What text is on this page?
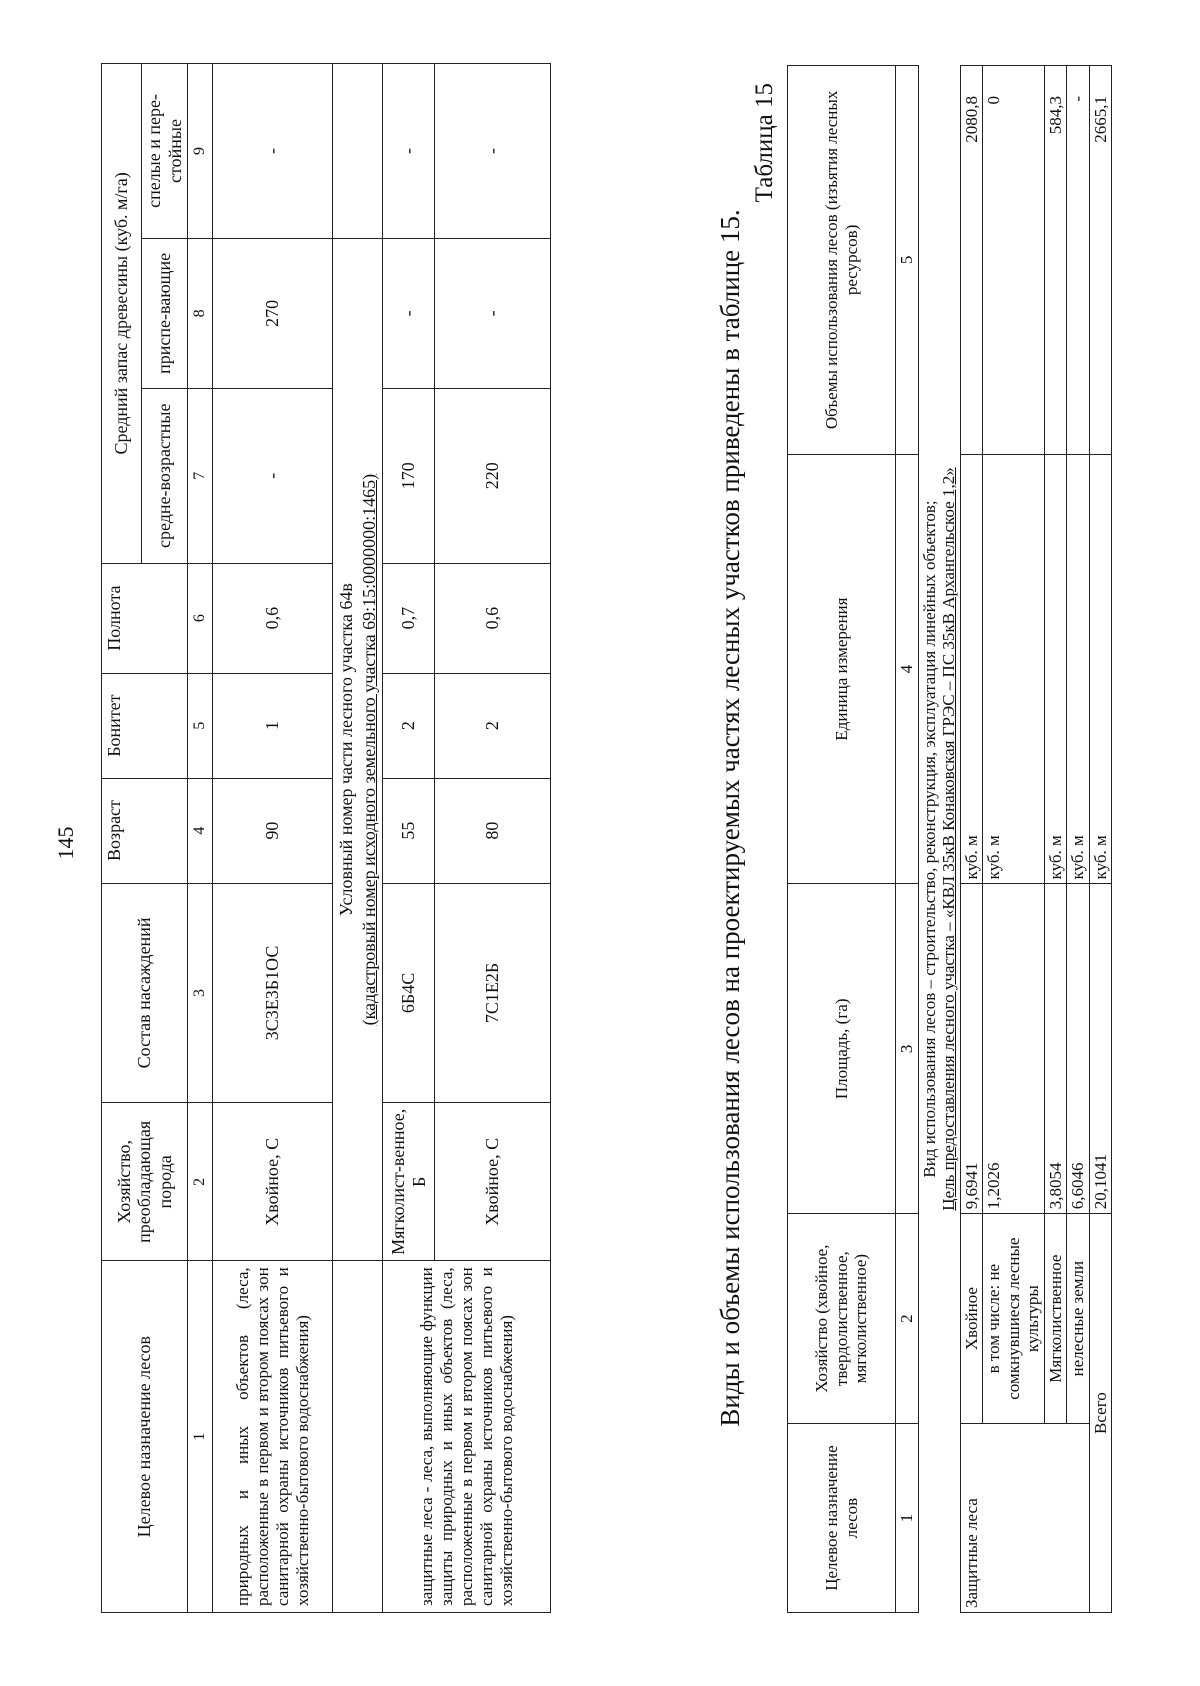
145
Целевое назначение лесов	Хозяйство, преобладающая порода	Состав насаждений	Возраст	Бонитет	Полнота	Средний запас древесины (куб. м/га)		
						средне-возрастные	приспе-вающие	спелые и пере-стойные
1	2	3	4	5	6	7	8	9
природных и иных объектов (леса, расположенные в первом и втором поясах зон санитарной охраны источников питьевого и хозяйственно-бытового водоснабжения)	Хвойное, С	3С3Е3Б1ОС	90	1	0,6	-	270	-

	Условный номер части лесного участка 64в (кадастровый номер исходного земельного участка 69:15:0000000:1465)							

защитные леса - леса, выполняющие функции защиты природных и иных объектов (леса, расположенные в первом и втором поясах зон санитарной охраны источников питьевого и хозяйственно-бытового водоснабжения)	Мягколист-венное, Б	6Б4С	55	2	0,7	170	-	-
	Хвойное, С	7С1Е2Б	80	2	0,6	220	-	-
Виды и объемы использования лесов на проектируемых частях лесных участков приведены в таблице 15.
Таблица 15
Целевое назначение лесов	Хозяйство (хвойное, твердолиственное, мягколиственное)	Площадь, (га)	Единица измерения	Объемы использования лесов (изъятия лесных ресурсов)
1	2	3	4	5

Вид использования лесов – строительство, реконструкция, эксплуатация линейных объектов; Цель предоставления лесного участка – «КВЛ 35кВ Конаковская ГРЭС – ПС 35кВ Архангельское 1,2»				

Защитные леса	Хвойное	9,6941	куб. м	2080,8
	в том числе: не сомкнувшиеся лесные культуры	1,2026	куб. м	0
	Мягколиственное	3,8054	куб. м	584,3
	нелесные земли	6,6046	куб. м	-
Всего		20,1041	куб. м	2665,1
